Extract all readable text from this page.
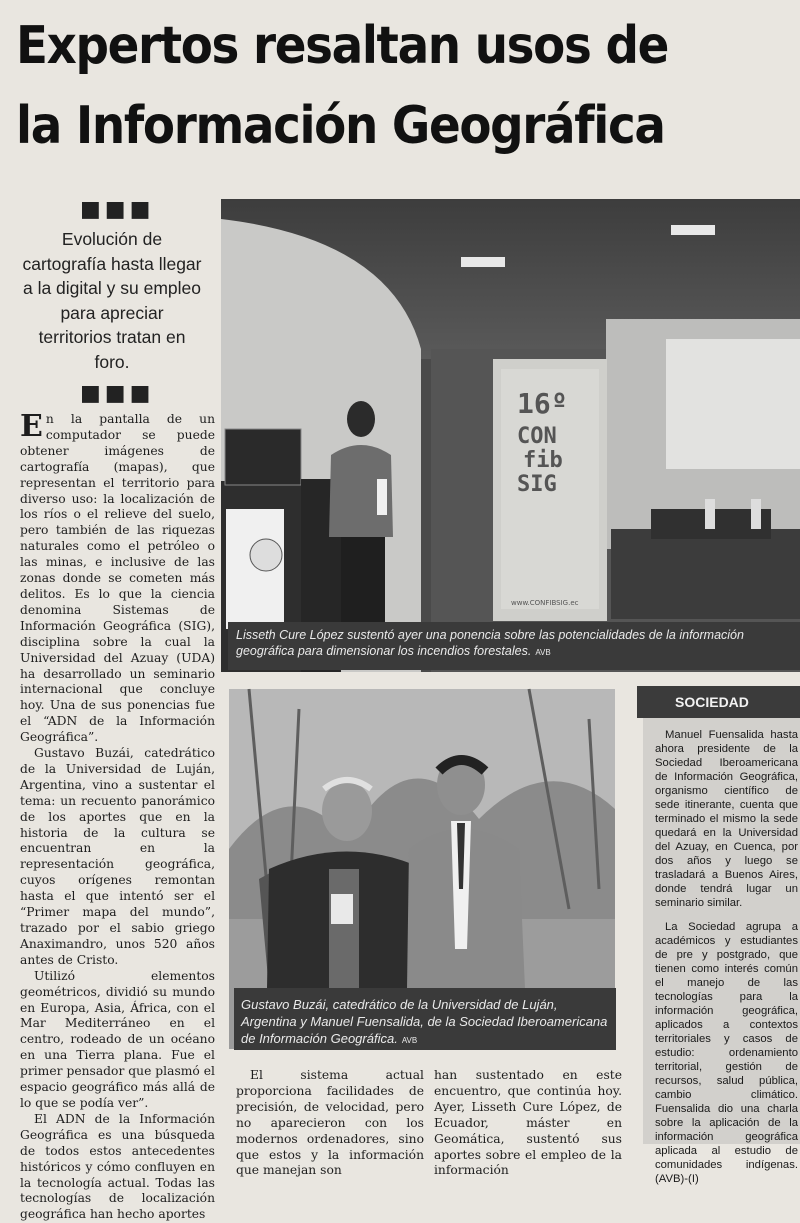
Expertos resaltan usos de
la Información Geográfica
■■■
Evolución de cartografía hasta llegar a la digital y su empleo para apreciar territorios tratan en foro.
■■■

En la pantalla de un computador se puede obtener imágenes de cartografía (mapas), que representan el territorio para diverso uso: la localización de los ríos o el relieve del suelo, pero también de las riquezas naturales como el petróleo o las minas, e inclusive de las zonas donde se cometen más delitos. Es lo que la ciencia denomina Sistemas de Información Geográfica (SIG), disciplina sobre la cual la Universidad del Azuay (UDA) ha desarrollado un seminario internacional que concluye hoy. Una de sus ponencias fue el “ADN de la Información Geográfica”.

Gustavo Buzái, catedrático de la Universidad de Luján, Argentina, vino a sustentar el tema: un recuento panorámico de los aportes que en la historia de la cultura se encuentran en la representación geográfica, cuyos orígenes remontan hasta el que intentó ser el “Primer mapa del mundo”, trazado por el sabio griego Anaximandro, unos 520 años antes de Cristo.

Utilizó elementos geométricos, dividió su mundo en Europa, Asia, África, con el Mar Mediterráneo en el centro, rodeado de un océano en una Tierra plana. Fue el primer pensador que plasmó el espacio geográfico más allá de lo que se podía ver”.

El ADN de la Información Geográfica es una búsqueda de todos estos antecedentes históricos y cómo confluyen en la tecnología actual. Todas las tecnologías de localización geográfica han hecho aportes

16º
CON
fib
SIG
www.CONFIBSIG.ec
Lisseth Cure López sustentó ayer una ponencia sobre las potencialidades de la información geográfica para dimensionar los incendios forestales. AVB
Gustavo Buzái, catedrático de la Universidad de Luján, Argentina y Manuel Fuensalida, de la Sociedad Iberoamericana de Información Geográfica. AVB

El sistema actual proporciona facilidades de precisión, de velocidad, pero no aparecieron con los modernos ordenadores, sino que estos y la información que manejan son

han sustentado en este encuentro, que continúa hoy. Ayer, Lisseth Cure López, de Ecuador, máster en Geomática, sustentó sus aportes sobre el empleo de la información

SOCIEDAD

Manuel Fuensalida hasta ahora presidente de la Sociedad Iberoamericana de Información Geográfica, organismo científico de sede itinerante, cuenta que terminado el mismo la sede quedará en la Universidad del Azuay, en Cuenca, por dos años y luego se trasladará a Buenos Aires, donde tendrá lugar un seminario similar.

La Sociedad agrupa a académicos y estudiantes de pre y postgrado, que tienen como interés común el manejo de las tecnologías para la información geográfica, aplicados a contextos territoriales y casos de estudio: ordenamiento territorial, gestión de recursos, salud pública, cambio climático. Fuensalida dio una charla sobre la aplicación de la información geográfica aplicada al estudio de comunidades indígenas. (AVB)-(I)
